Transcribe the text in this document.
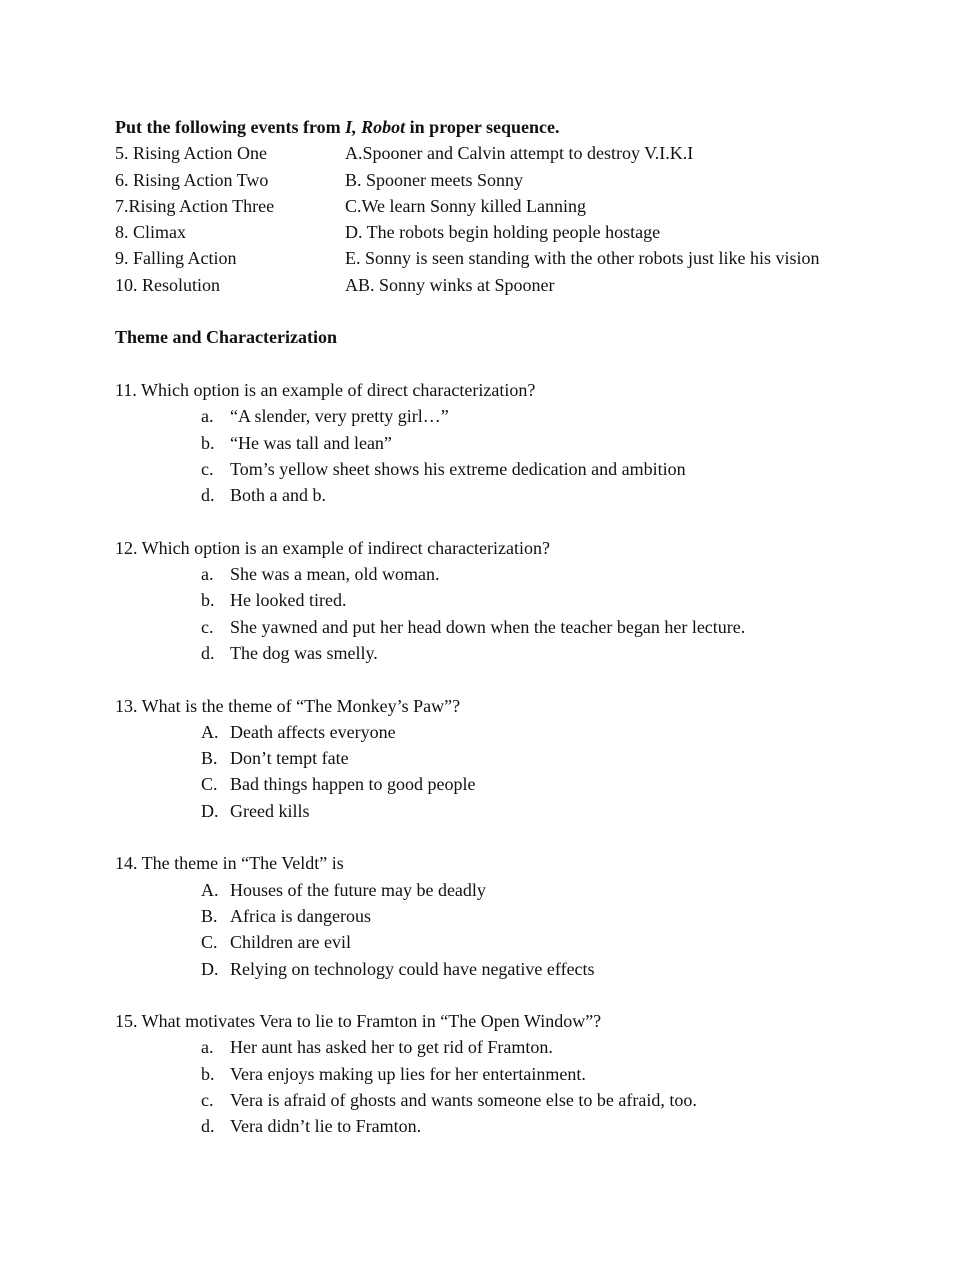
Put the following events from I, Robot in proper sequence.
5. Rising Action One	A.Spooner and Calvin attempt to destroy V.I.K.I
6. Rising Action Two	B. Spooner meets Sonny
7.Rising Action Three	C.We learn Sonny killed Lanning
8. Climax	D. The robots begin holding people hostage
9. Falling Action	E. Sonny is seen standing with the other robots just like his vision
10. Resolution	AB. Sonny winks at Spooner
Theme and Characterization
11. Which option is an example of direct characterization?
a. “A slender, very pretty girl…”
b. “He was tall and lean”
c. Tom’s yellow sheet shows his extreme dedication and ambition
d. Both a and b.
12. Which option is an example of indirect characterization?
a. She was a mean, old woman.
b. He looked tired.
c. She yawned and put her head down when the teacher began her lecture.
d. The dog was smelly.
13. What is the theme of “The Monkey’s Paw”?
A. Death affects everyone
B. Don’t tempt fate
C. Bad things happen to good people
D. Greed kills
14. The theme in “The Veldt” is
A. Houses of the future may be deadly
B. Africa is dangerous
C. Children are evil
D. Relying on technology could have negative effects
15. What motivates Vera to lie to Framton in “The Open Window”?
a. Her aunt has asked her to get rid of Framton.
b. Vera enjoys making up lies for her entertainment.
c. Vera is afraid of ghosts and wants someone else to be afraid, too.
d. Vera didn’t lie to Framton.
